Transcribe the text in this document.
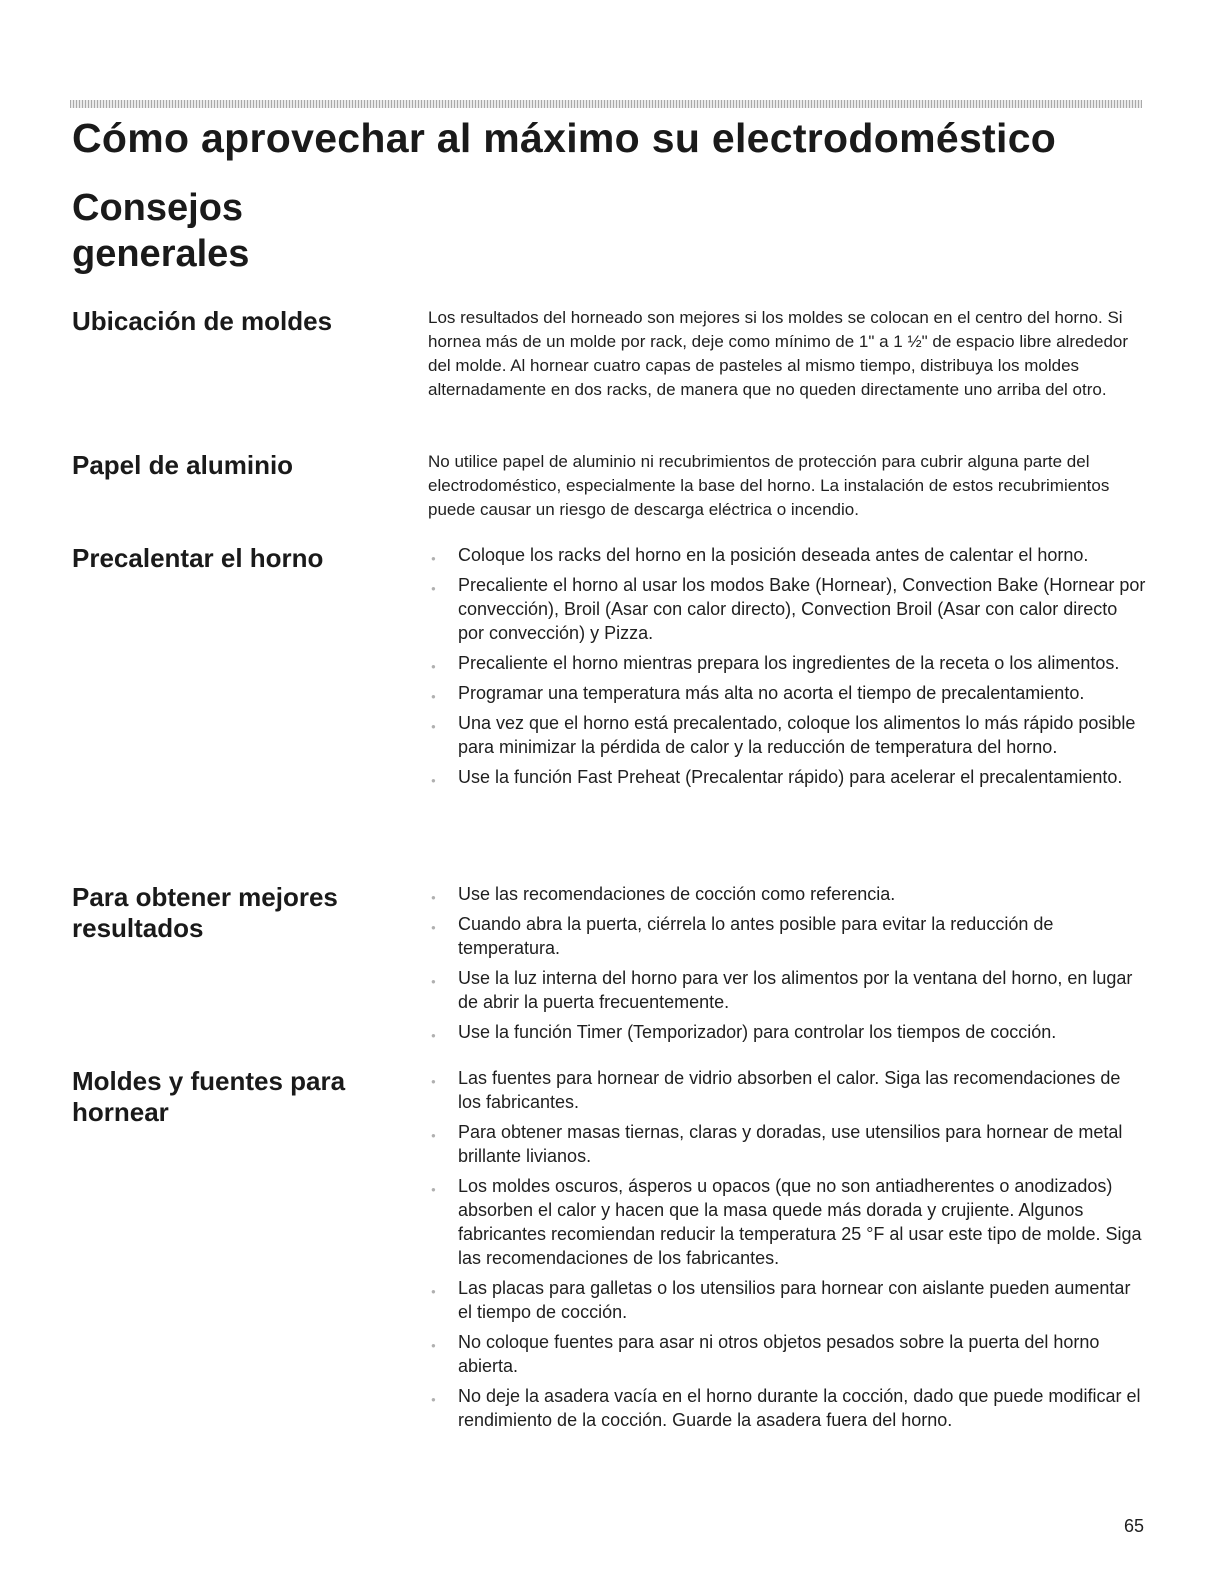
Cómo aprovechar al máximo su electrodoméstico
Consejos generales
Ubicación de moldes	Los resultados del horneado son mejores si los moldes se colocan en el centro del horno. Si hornea más de un molde por rack, deje como mínimo de 1" a 1 ½" de espacio libre alrededor del molde. Al hornear cuatro capas de pasteles al mismo tiempo, distribuya los moldes alternadamente en dos racks, de manera que no queden directamente uno arriba del otro.

Papel de aluminio	No utilice papel de aluminio ni recubrimientos de protección para cubrir alguna parte del electrodoméstico, especialmente la base del horno. La instalación de estos recubrimientos puede causar un riesgo de descarga eléctrica o incendio.

Precalentar el horno	● Coloque los racks del horno en la posición deseada antes de calentar el horno.
● Precaliente el horno al usar los modos Bake (Hornear), Convection Bake (Hornear por convección), Broil (Asar con calor directo), Convection Broil (Asar con calor directo por convección) y Pizza.
● Precaliente el horno mientras prepara los ingredientes de la receta o los alimentos.
● Programar una temperatura más alta no acorta el tiempo de precalentamiento.
● Una vez que el horno está precalentado, coloque los alimentos lo más rápido posible para minimizar la pérdida de calor y la reducción de temperatura del horno.
● Use la función Fast Preheat (Precalentar rápido) para acelerar el precalentamiento.
Para obtener mejores resultados
● Use las recomendaciones de cocción como referencia.
● Cuando abra la puerta, ciérrela lo antes posible para evitar la reducción de temperatura.
● Use la luz interna del horno para ver los alimentos por la ventana del horno, en lugar de abrir la puerta frecuentemente.
● Use la función Timer (Temporizador) para controlar los tiempos de cocción.
Moldes y fuentes para hornear
● Las fuentes para hornear de vidrio absorben el calor. Siga las recomendaciones de los fabricantes.
● Para obtener masas tiernas, claras y doradas, use utensilios para hornear de metal brillante livianos.
● Los moldes oscuros, ásperos u opacos (que no son antiadherentes o anodizados) absorben el calor y hacen que la masa quede más dorada y crujiente. Algunos fabricantes recomiendan reducir la temperatura 25 °F al usar este tipo de molde. Siga las recomendaciones de los fabricantes.
● Las placas para galletas o los utensilios para hornear con aislante pueden aumentar el tiempo de cocción.
● No coloque fuentes para asar ni otros objetos pesados sobre la puerta del horno abierta.
● No deje la asadera vacía en el horno durante la cocción, dado que puede modificar el rendimiento de la cocción. Guarde la asadera fuera del horno.
65
